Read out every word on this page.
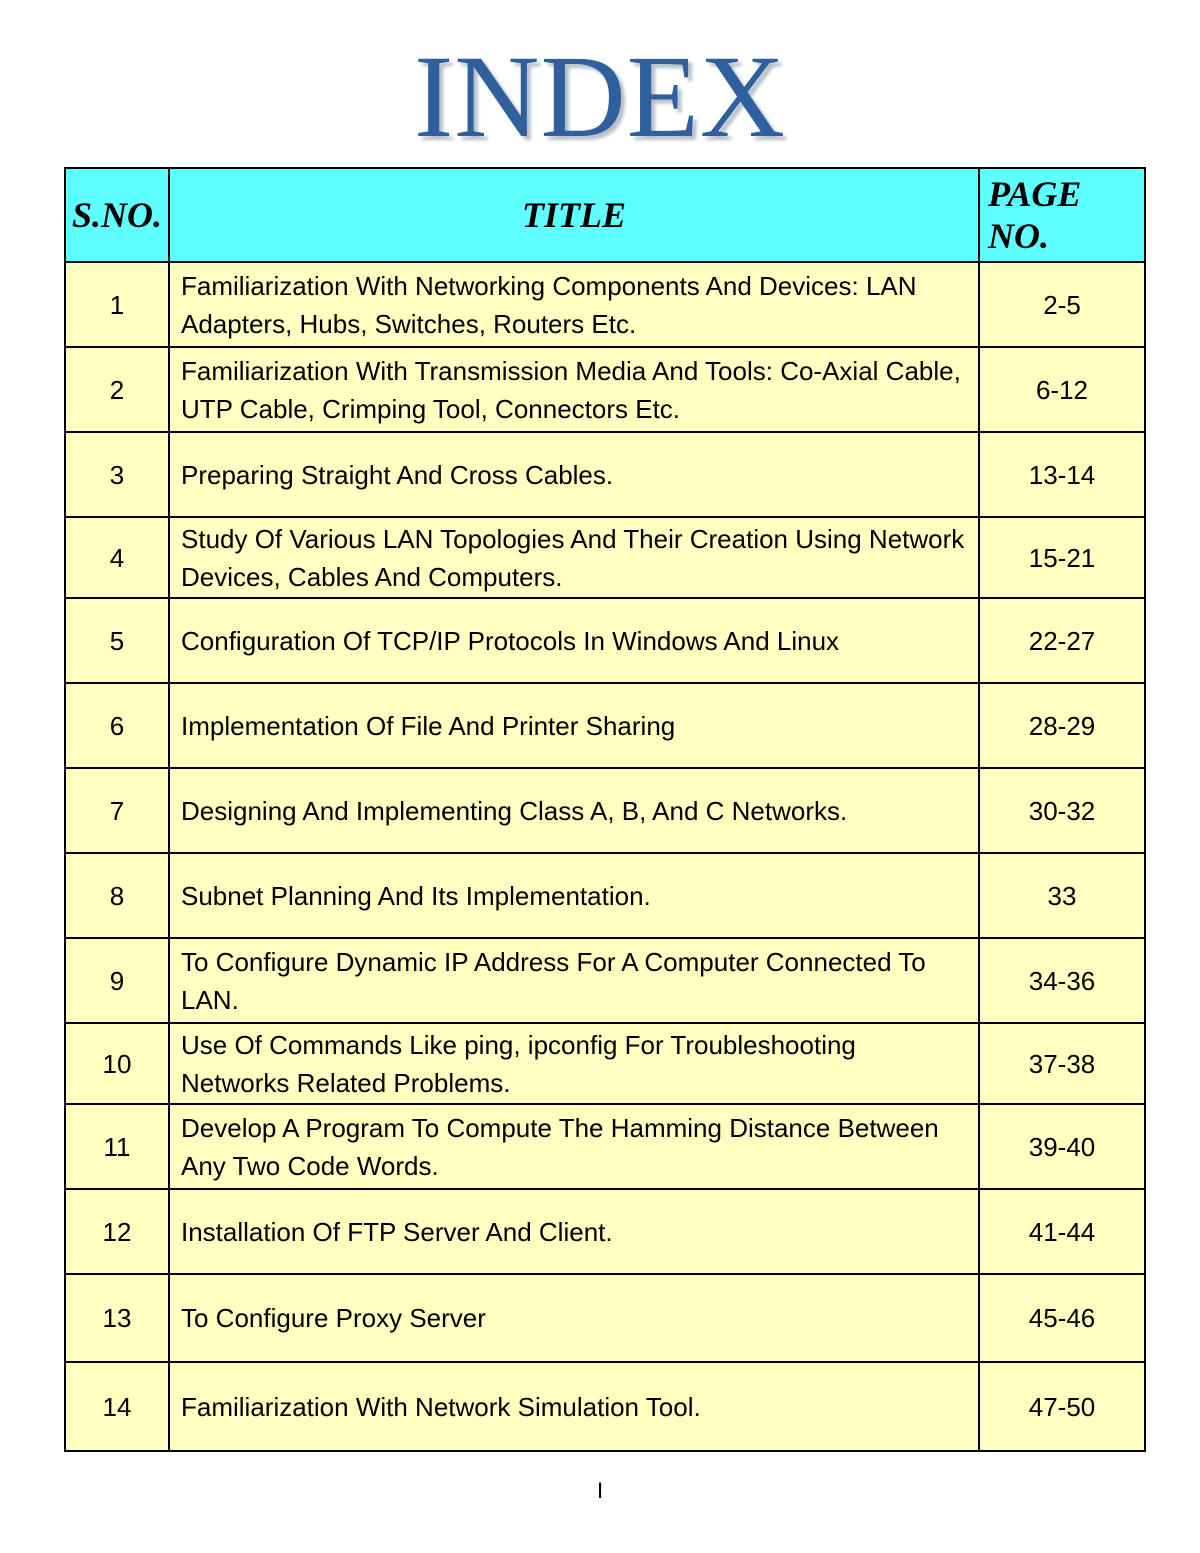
INDEX
S.NO.	TITLE	PAGE NO.
1	Familiarization With Networking Components And Devices: LAN Adapters, Hubs, Switches, Routers Etc.	2-5
2	Familiarization With Transmission Media And Tools: Co-Axial Cable, UTP Cable, Crimping Tool, Connectors Etc.	6-12
3	Preparing Straight And Cross Cables.	13-14
4	Study Of Various LAN Topologies And Their Creation Using Network Devices, Cables And Computers.	15-21
5	Configuration Of TCP/IP Protocols In Windows And Linux	22-27
6	Implementation Of File And Printer Sharing	28-29
7	Designing And Implementing Class A, B, And C Networks.	30-32
8	Subnet Planning And Its Implementation.	33
9	To Configure Dynamic IP Address For A Computer Connected To LAN.	34-36
10	Use Of Commands Like ping, ipconfig For Troubleshooting Networks Related Problems.	37-38
11	Develop A Program To Compute The Hamming Distance Between Any Two Code Words.	39-40
12	Installation Of FTP Server And Client.	41-44
13	To Configure Proxy Server	45-46
14	Familiarization With Network Simulation Tool.	47-50
I
